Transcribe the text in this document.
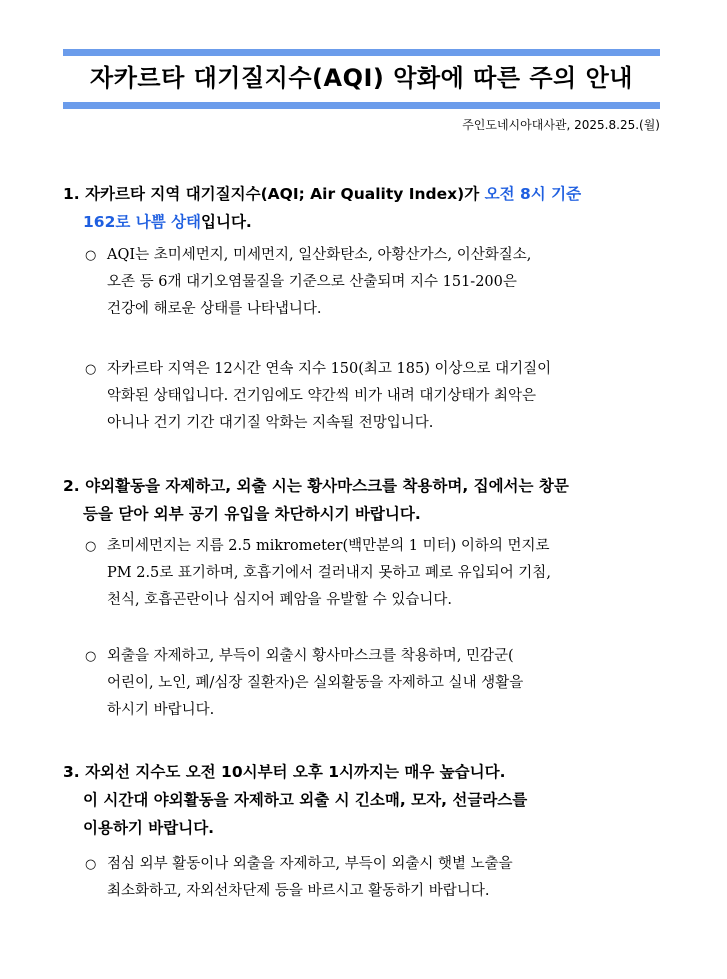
자카르타 대기질지수(AQI) 악화에 따른 주의 안내
주인도네시아대사관, 2025.8.25.(월)
1. 자카르타 지역 대기질지수(AQI; Air Quality Index)가 오전 8시 기준
162로 나쁨 상태입니다.
○ AQI는 초미세먼지, 미세먼지, 일산화탄소, 아황산가스, 이산화질소,
오존 등 6개 대기오염물질을 기준으로 산출되며 지수 151-200은
건강에 해로운 상태를 나타냅니다.
○ 자카르타 지역은 12시간 연속 지수 150(최고 185) 이상으로 대기질이
악화된 상태입니다. 건기임에도 약간씩 비가 내려 대기상태가 최악은
아니나 건기 기간 대기질 악화는 지속될 전망입니다.
2. 야외활동을 자제하고, 외출 시는 황사마스크를 착용하며, 집에서는 창문
등을 닫아 외부 공기 유입을 차단하시기 바랍니다.
○ 초미세먼지는 지름 2.5 mikrometer(백만분의 1 미터) 이하의 먼지로
PM 2.5로 표기하며, 호흡기에서 걸러내지 못하고 폐로 유입되어 기침,
천식, 호흡곤란이나 심지어 폐암을 유발할 수 있습니다.
○ 외출을 자제하고, 부득이 외출시 황사마스크를 착용하며, 민감군(
어린이, 노인, 폐/심장 질환자)은 실외활동을 자제하고 실내 생활을
하시기 바랍니다.
3. 자외선 지수도 오전 10시부터 오후 1시까지는 매우 높습니다.
이 시간대 야외활동을 자제하고 외출 시 긴소매, 모자, 선글라스를
이용하기 바랍니다.
○ 점심 외부 활동이나 외출을 자제하고, 부득이 외출시 햇볕 노출을
최소화하고, 자외선차단제 등을 바르시고 활동하기 바랍니다.
